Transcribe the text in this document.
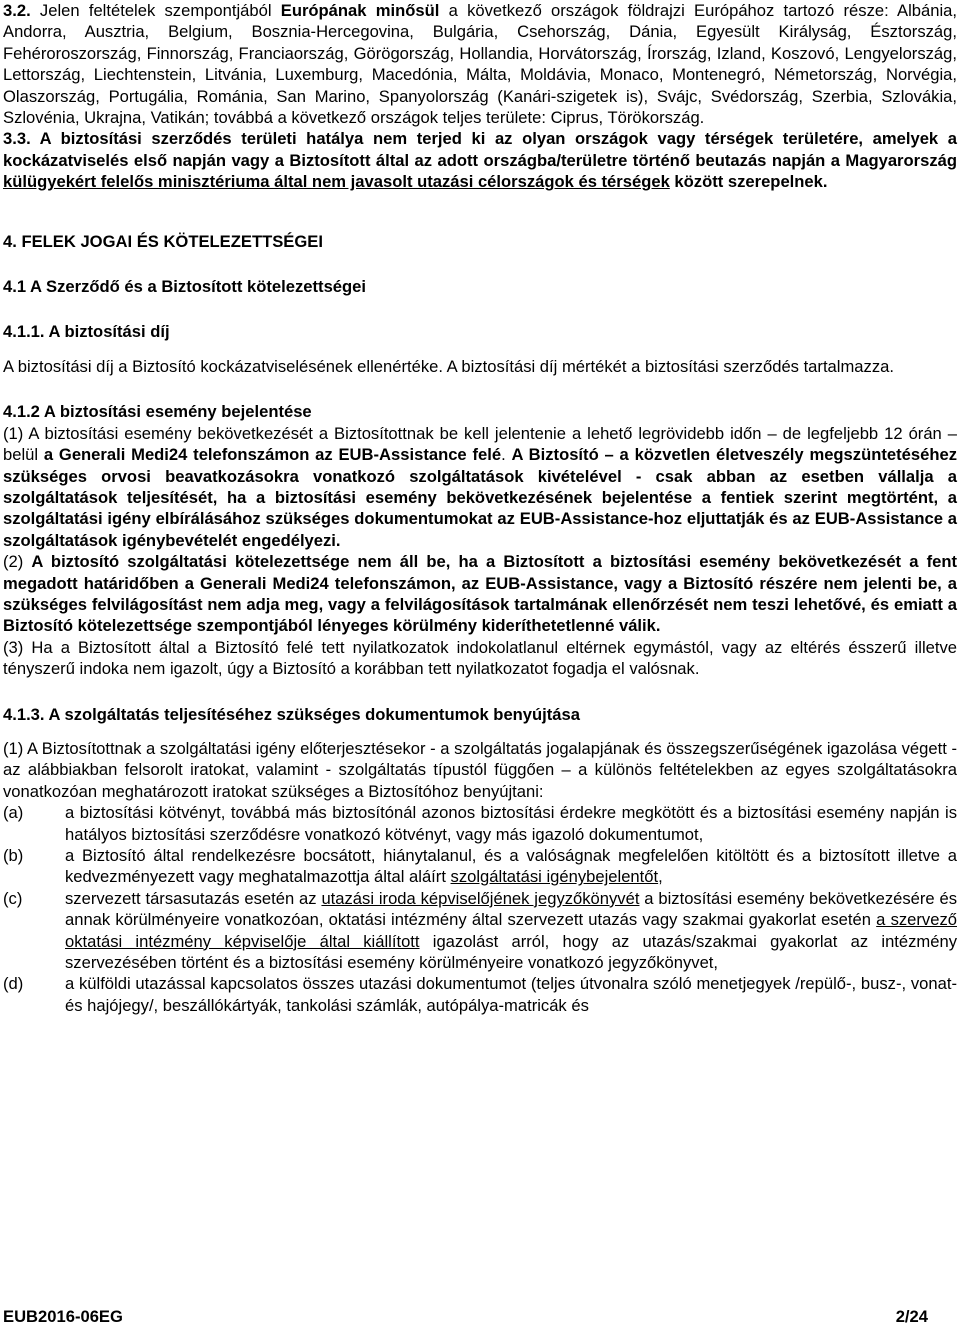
3.2. Jelen feltételek szempontjából Európának minősül a következő országok földrajzi Európához tartozó része: Albánia, Andorra, Ausztria, Belgium, Bosznia-Hercegovina, Bulgária, Csehország, Dánia, Egyesült Királyság, Észtország, Fehéroroszország, Finnország, Franciaország, Görögország, Hollandia, Horvátország, Írország, Izland, Koszovó, Lengyelország, Lettország, Liechtenstein, Litvánia, Luxemburg, Macedónia, Málta, Moldávia, Monaco, Montenegró, Németország, Norvégia, Olaszország, Portugália, Románia, San Marino, Spanyolország (Kanári-szigetek is), Svájc, Svédország, Szerbia, Szlovákia, Szlovénia, Ukrajna, Vatikán; továbbá a következő országok teljes területe: Ciprus, Törökország.

3.3. A biztosítási szerződés területi hatálya nem terjed ki az olyan országok vagy térségek területére, amelyek a kockázatviselés első napján vagy a Biztosított által az adott országba/területre történő beutazás napján a Magyarország külügyekért felelős minisztériuma által nem javasolt utazási célországok és térségek között szerepelnek.

4. FELEK JOGAI ÉS KÖTELEZETTSÉGEI
4.1 A Szerződő és a Biztosított kötelezettségei
4.1.1. A biztosítási díj

A biztosítási díj a Biztosító kockázatviselésének ellenértéke. A biztosítási díj mértékét a biztosítási szerződés tartalmazza.

4.1.2 A biztosítási esemény bejelentése

(1) A biztosítási esemény bekövetkezését a Biztosítottnak be kell jelentenie a lehető legrövidebb időn – de legfeljebb 12 órán – belül a Generali Medi24 telefonszámon az EUB-Assistance felé. A Biztosító – a közvetlen életveszély megszüntetéséhez szükséges orvosi beavatkozásokra vonatkozó szolgáltatások kivételével - csak abban az esetben vállalja a szolgáltatások teljesítését, ha a biztosítási esemény bekövetkezésének bejelentése a fentiek szerint megtörtént, a szolgáltatási igény elbírálásához szükséges dokumentumokat az EUB-Assistance-hoz eljuttatják és az EUB-Assistance a szolgáltatások igénybevételét engedélyezi.

(2) A biztosító szolgáltatási kötelezettsége nem áll be, ha a Biztosított a biztosítási esemény bekövetkezését a fent megadott határidőben a Generali Medi24 telefonszámon, az EUB-Assistance, vagy a Biztosító részére nem jelenti be, a szükséges felvilágosítást nem adja meg, vagy a felvilágosítások tartalmának ellenőrzését nem teszi lehetővé, és emiatt a Biztosító kötelezettsége szempontjából lényeges körülmény kideríthetetlenné válik.

(3) Ha a Biztosított által a Biztosító felé tett nyilatkozatok indokolatlanul eltérnek egymástól, vagy az eltérés ésszerű illetve tényszerű indoka nem igazolt, úgy a Biztosító a korábban tett nyilatkozatot fogadja el valósnak.

4.1.3. A szolgáltatás teljesítéséhez szükséges dokumentumok benyújtása

(1) A Biztosítottnak a szolgáltatási igény előterjesztésekor - a szolgáltatás jogalapjának és összegszerűségének igazolása végett - az alábbiakban felsorolt iratokat, valamint - szolgáltatás típustól függően – a különös feltételekben az egyes szolgáltatásokra vonatkozóan meghatározott iratokat szükséges a Biztosítóhoz benyújtani:

(a)	a biztosítási kötvényt, továbbá más biztosítónál azonos biztosítási érdekre megkötött és a biztosítási esemény napján is hatályos biztosítási szerződésre vonatkozó kötvényt, vagy más igazoló dokumentumot,
(b)	a Biztosító által rendelkezésre bocsátott, hiánytalanul, és a valóságnak megfelelően kitöltött és a biztosított illetve a kedvezményezett vagy meghatalmazottja által aláírt szolgáltatási igénybejelentőt,
(c)	szervezett társasutazás esetén az utazási iroda képviselőjének jegyzőkönyvét a biztosítási esemény bekövetkezésére és annak körülményeire vonatkozóan, oktatási intézmény által szervezett utazás vagy szakmai gyakorlat esetén a szervező oktatási intézmény képviselője által kiállított igazolást arról, hogy az utazás/szakmai gyakorlat az intézmény szervezésében történt és a biztosítási esemény körülményeire vonatkozó jegyzőkönyvet,
(d)	a külföldi utazással kapcsolatos összes utazási dokumentumot (teljes útvonalra szóló menetjegyek /repülő-, busz-, vonat- és hajójegy/, beszállókártyák, tankolási számlák, autópálya-matricák és
EUB2016-06EG	2/24
